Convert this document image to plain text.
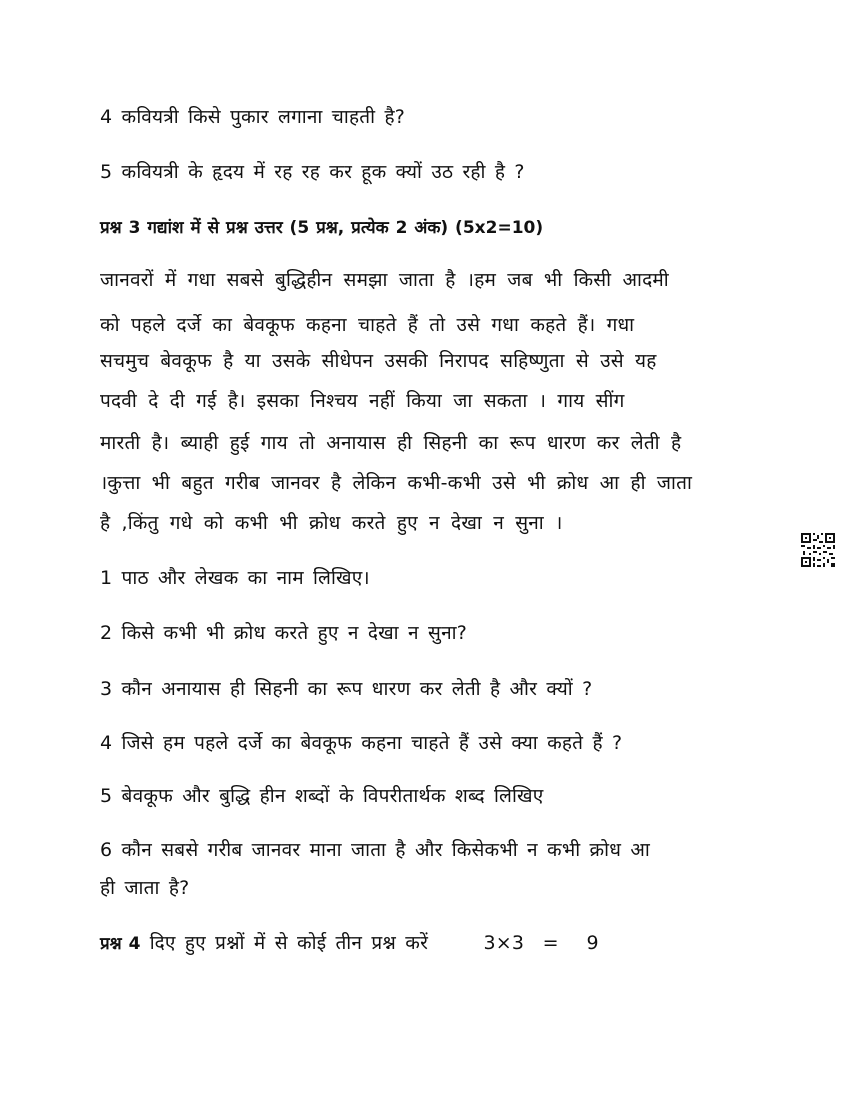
4 कवियत्री किसे पुकार लगाना चाहती है?
5 कवियत्री के हृदय में रह रह कर हूक क्यों उठ रही है ?
प्रश्न 3 गद्यांश में से प्रश्न उत्तर (5 प्रश्न, प्रत्येक 2 अंक) (5x2=10)
जानवरों में गधा सबसे बुद्धिहीन समझा जाता है ।हम जब भी किसी आदमी
को पहले दर्जे का बेवकूफ कहना चाहते हैं तो उसे गधा कहते हैं। गधा
सचमुच बेवकूफ है या उसके सीधेपन उसकी निरापद सहिष्णुता से उसे यह
पदवी दे दी गई है। इसका निश्चय नहीं किया जा सकता । गाय सींग
मारती है। ब्याही हुई गाय तो अनायास ही सिहनी का रूप धारण कर लेती है
।कुत्ता भी बहुत गरीब जानवर है लेकिन कभी-कभी उसे भी क्रोध आ ही जाता
है ,किंतु गधे को कभी भी क्रोध करते हुए न देखा न सुना ।
1 पाठ और लेखक का नाम लिखिए।
2 किसे कभी भी क्रोध करते हुए न देखा न सुना?
3 कौन अनायास ही सिहनी का रूप धारण कर लेती है और क्यों ?
4 जिसे हम पहले दर्जे का बेवकूफ कहना चाहते हैं उसे क्या कहते हैं ?
5 बेवकूफ और बुद्धि हीन शब्दों के विपरीतार्थक शब्द लिखिए
6 कौन सबसे गरीब जानवर माना जाता है और किसेकभी न कभी क्रोध आ
ही जाता है?
प्रश्न 4 दिए हुए प्रश्नों में से कोई तीन प्रश्न करें      3×3  =   9
